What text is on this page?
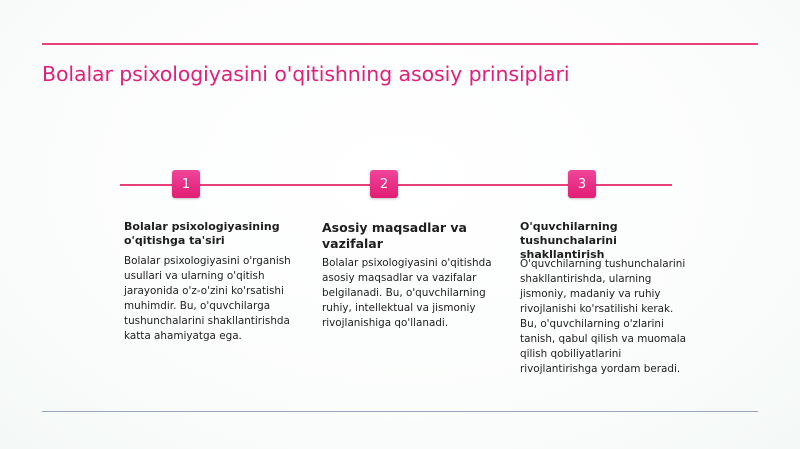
Bolalar psixologiyasini o'qitishning asosiy prinsiplari
1	2	3
Bolalar psixologiyasining o'qitishga ta'siri
Bolalar psixologiyasini o'rganish usullari va ularning o'qitish jarayonida o'z-o'zini ko'rsatishi muhimdir. Bu, o'quvchilarga tushunchalarini shakllantirishda katta ahamiyatga ega.
Asosiy maqsadlar va vazifalar
Bolalar psixologiyasini o'qitishda asosiy maqsadlar va vazifalar belgilanadi. Bu, o'quvchilarning ruhiy, intellektual va jismoniy rivojlanishiga qo'llanadi.
O'quvchilarning tushunchalarini shakllantirish
O'quvchilarning tushunchalarini shakllantirishda, ularning jismoniy, madaniy va ruhiy rivojlanishi ko'rsatilishi kerak. Bu, o'quvchilarning o'zlarini tanish, qabul qilish va muomala qilish qobiliyatlarini rivojlantirishga yordam beradi.
